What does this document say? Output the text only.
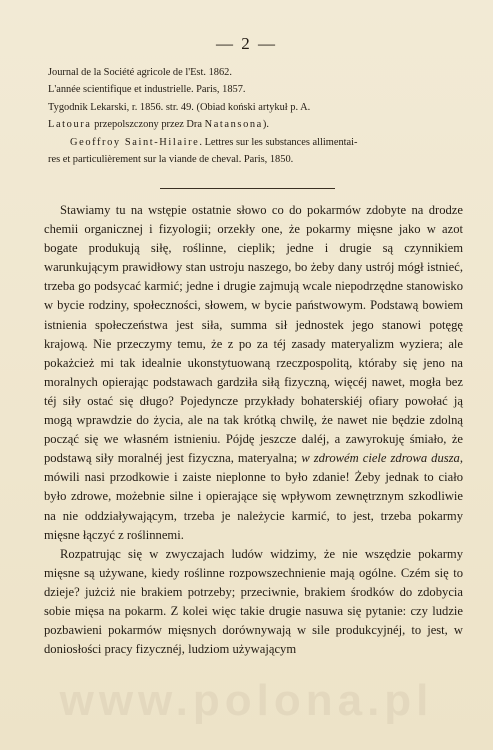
— 2 —
Journal de la Société agricole de l'Est. 1862.
L'année scientifique et industrielle. Paris, 1857.
Tygodnik Lekarski, r. 1856. str. 49. (Obiad koński artykuł p. A.
Latoura przepolszczony przez Dra Natansona).
Geoffroy Saint-Hilaire. Lettres sur les substances allimentai-
res et particulièrement sur la viande de cheval. Paris, 1850.

Stawiamy tu na wstępie ostatnie słowo co do pokarmów zdobyte na drodze chemii organicznej i fizyologii; orzekły one, że pokarmy mięsne jako w azot bogate produkują siłę, roślinne, cieplik; jedne i drugie są czynnikiem warunkującym prawidłowy stan ustroju naszego, bo żeby dany ustrój mógł istnieć, trzeba go podsycać karmić; jedne i drugie zajmują wcale niepodrzędne stanowisko w bycie rodziny, społeczności, słowem, w bycie państwowym. Podstawą bowiem istnienia społeczeństwa jest siła, summa sił jednostek jego stanowi potęgę krajową. Nie przeczymy temu, że z po za téj zasady materyalizm wyziera; ale pokażcież mi tak idealnie ukonstytuowaną rzeczpospolitą, któraby się jeno na moralnych opierając podstawach gardziła siłą fizyczną, więcéj nawet, mogła bez téj siły ostać się długo? Pojedyncze przykłady bohaterskiéj ofiary powołać ją mogą wprawdzie do życia, ale na tak krótką chwilę, że nawet nie będzie zdolną począć się we własném istnieniu. Pójdę jeszcze daléj, a zawyrokuję śmiało, że podstawą siły moralnéj jest fizyczna, materyalna; w zdrowém ciele zdrowa dusza, mówili nasi przodkowie i zaiste nieplonne to było zdanie! Żeby jednak to ciało było zdrowe, możebnie silne i opierające się wpływom zewnętrznym szkodliwie na nie oddziaływającym, trzeba je należycie karmić, to jest, trzeba pokarmy mięsne łączyć z roślinnemi.

Rozpatrując się w zwyczajach ludów widzimy, że nie wszędzie pokarmy mięsne są używane, kiedy roślinne rozpowszechnienie mają ogólne. Czém się to dzieje? jużciż nie brakiem potrzeby; przeciwnie, brakiem środków do zdobycia sobie mięsa na pokarm. Z kolei więc takie drugie nasuwa się pytanie: czy ludzie pozbawieni pokarmów mięsnych dorównywają w sile produkcyjnéj, to jest, w doniosłości pracy fizycznéj, ludziom używającym

www.polona.pl
